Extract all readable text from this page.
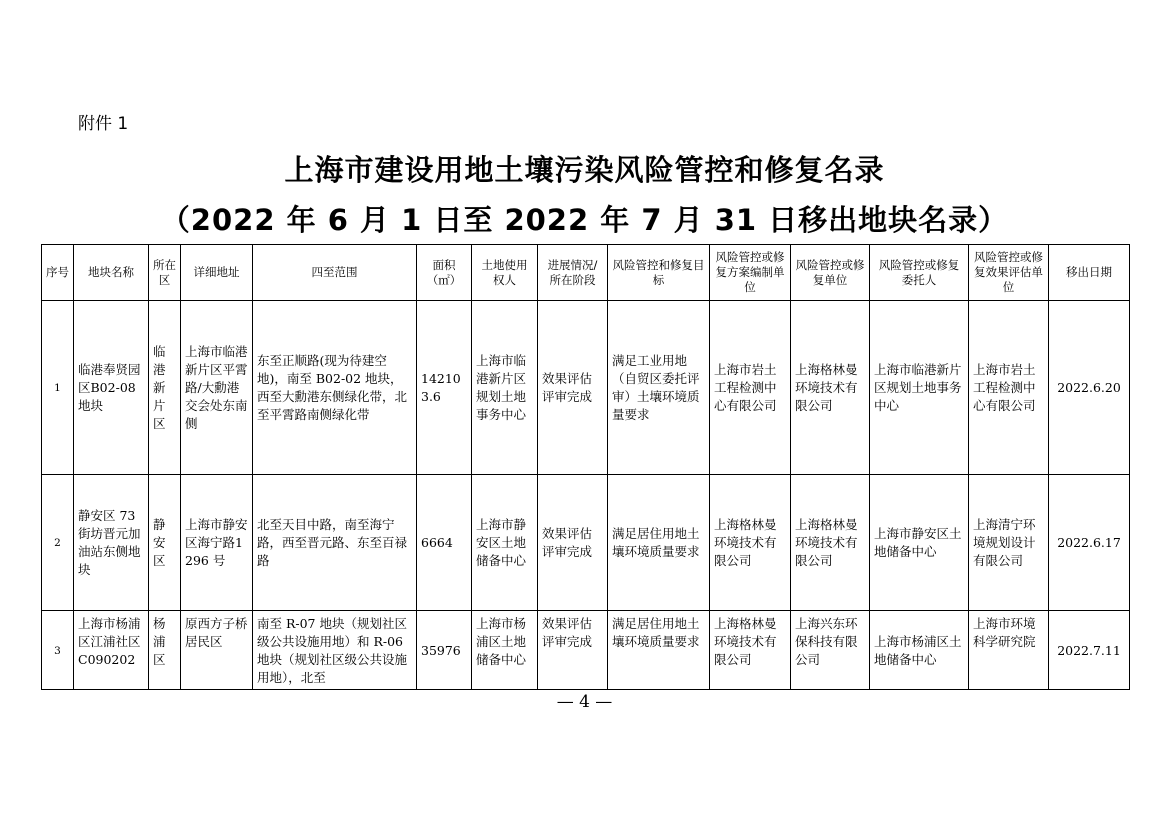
附件 1
上海市建设用地土壤污染风险管控和修复名录
（2022 年 6 月 1 日至 2022 年 7 月 31 日移出地块名录）
序号	地块名称	所在区	详细地址	四至范围	面积（㎡）	土地使用权人	进展情况/所在阶段	风险管控和修复目标	风险管控或修复方案编制单位	风险管控或修复单位	风险管控或修复委托人	风险管控或修复效果评估单位	移出日期
1	临港奉贤园区B02-08 地块	临港新片区	上海市临港新片区平霄路/大勳港交会处东南侧	东至正顺路(现为待建空地)，南至 B02-02 地块，西至大勳港东侧绿化带，北至平霄路南侧绿化带	142103.6	上海市临港新片区规划土地事务中心	效果评估评审完成	满足工业用地（自贸区委托评审）土壤环境质量要求	上海市岩土工程检测中心有限公司	上海格林曼环境技术有限公司	上海市临港新片区规划土地事务中心	上海市岩土工程检测中心有限公司	2022.6.20
2	静安区 73 街坊晋元加油站东侧地块	静安区	上海市静安区海宁路1296 号	北至天目中路，南至海宁路，西至晋元路、东至百禄路	6664	上海市静安区土地储备中心	效果评估评审完成	满足居住用地土壤环境质量要求	上海格林曼环境技术有限公司	上海格林曼环境技术有限公司	上海市静安区土地储备中心	上海清宁环境规划设计有限公司	2022.6.17
3	上海市杨浦区江浦社区C090202	杨浦区	原西方子桥居民区	南至 R-07 地块（规划社区级公共设施用地）和 R-06 地块（规划社区级公共设施用地），北至	35976	上海市杨浦区土地储备中心	效果评估评审完成	满足居住用地土壤环境质量要求	上海格林曼环境技术有限公司	上海兴东环保科技有限公司	上海市杨浦区土地储备中心	上海市环境科学研究院	2022.7.11
— 4 —
